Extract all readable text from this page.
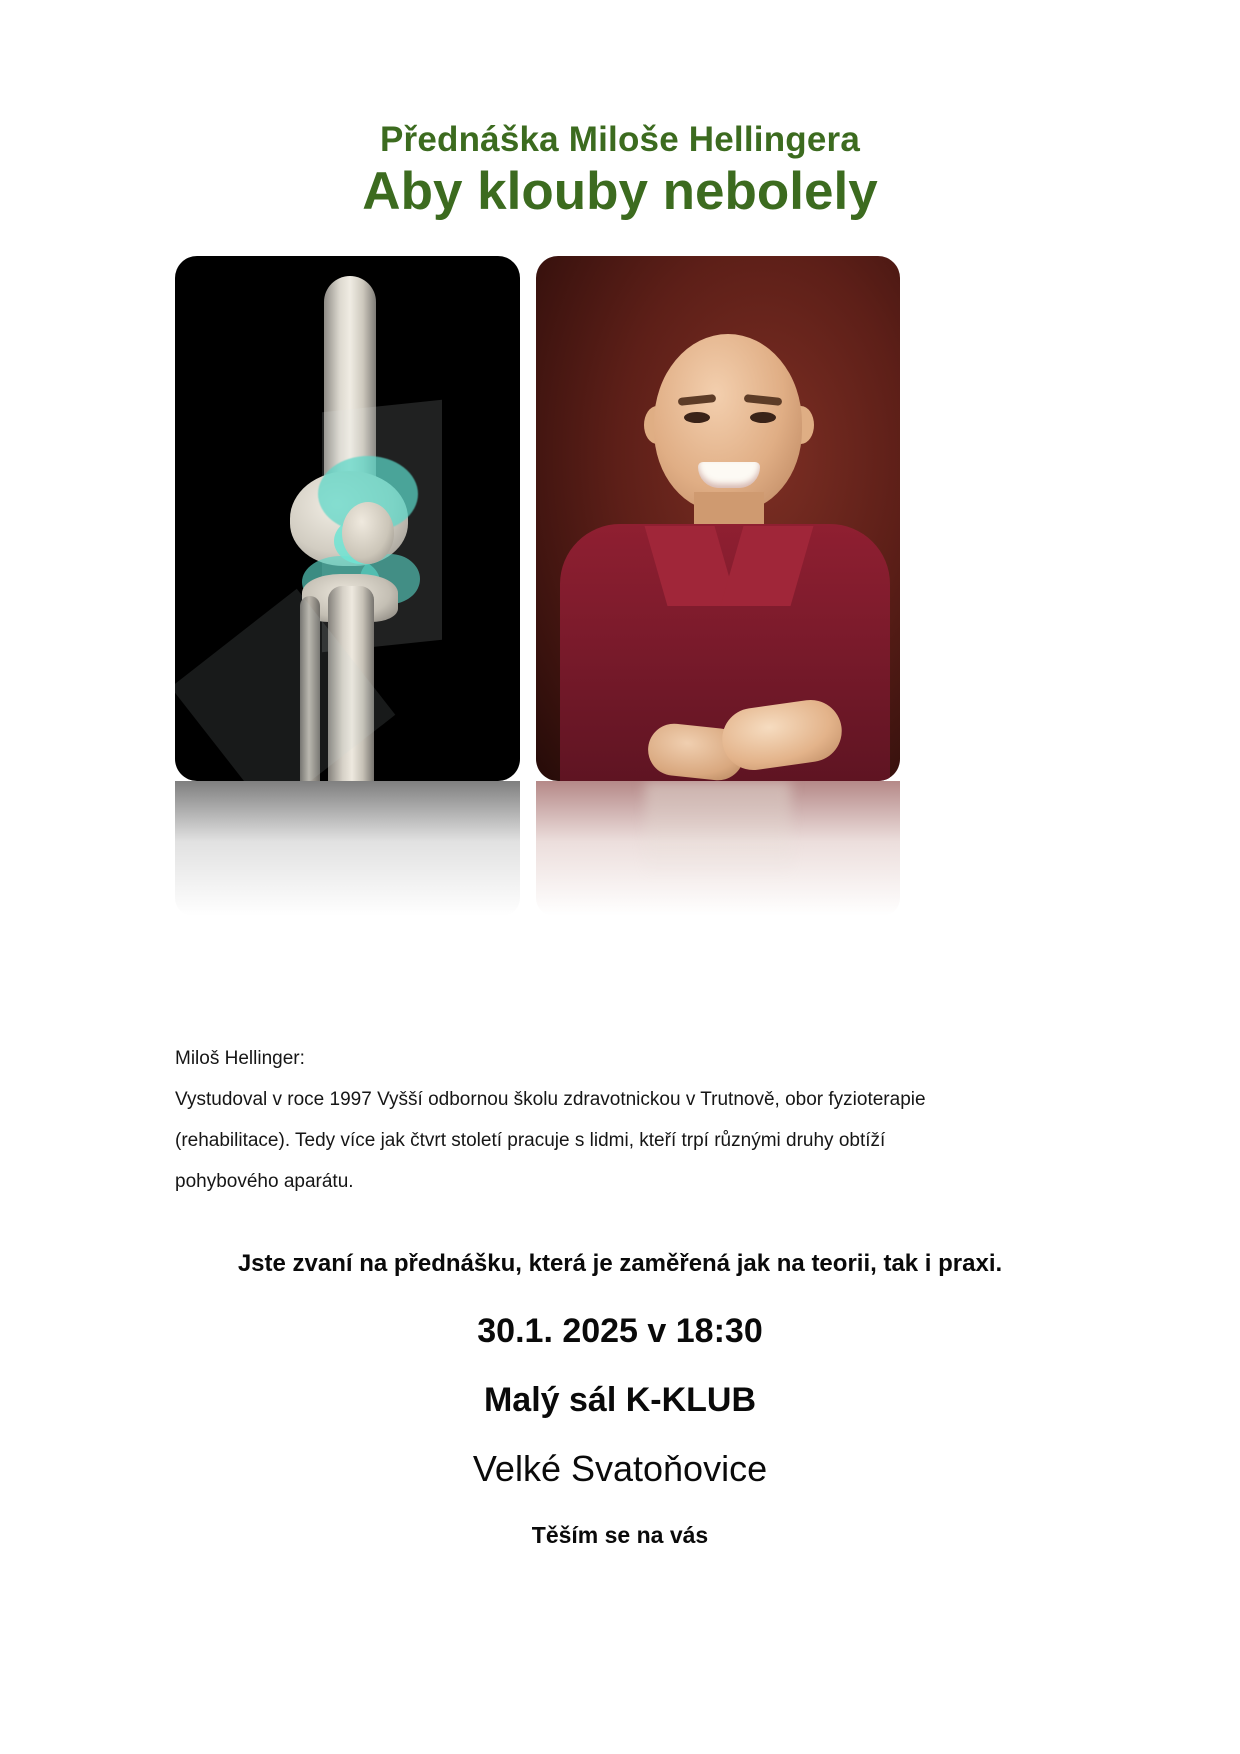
Přednáška Miloše Hellingera
Aby klouby nebolely

Miloš Hellinger:

Vystudoval v roce 1997 Vyšší odbornou školu zdravotnickou v Trutnově, obor fyzioterapie (rehabilitace). Tedy více jak čtvrt století pracuje s lidmi, kteří trpí různými druhy obtíží pohybového aparátu.

Jste zvaní na přednášku, která je zaměřená jak na teorii, tak i praxi.
30.1. 2025 v 18:30
Malý sál K-KLUB
Velké Svatoňovice
Těším se na vás
